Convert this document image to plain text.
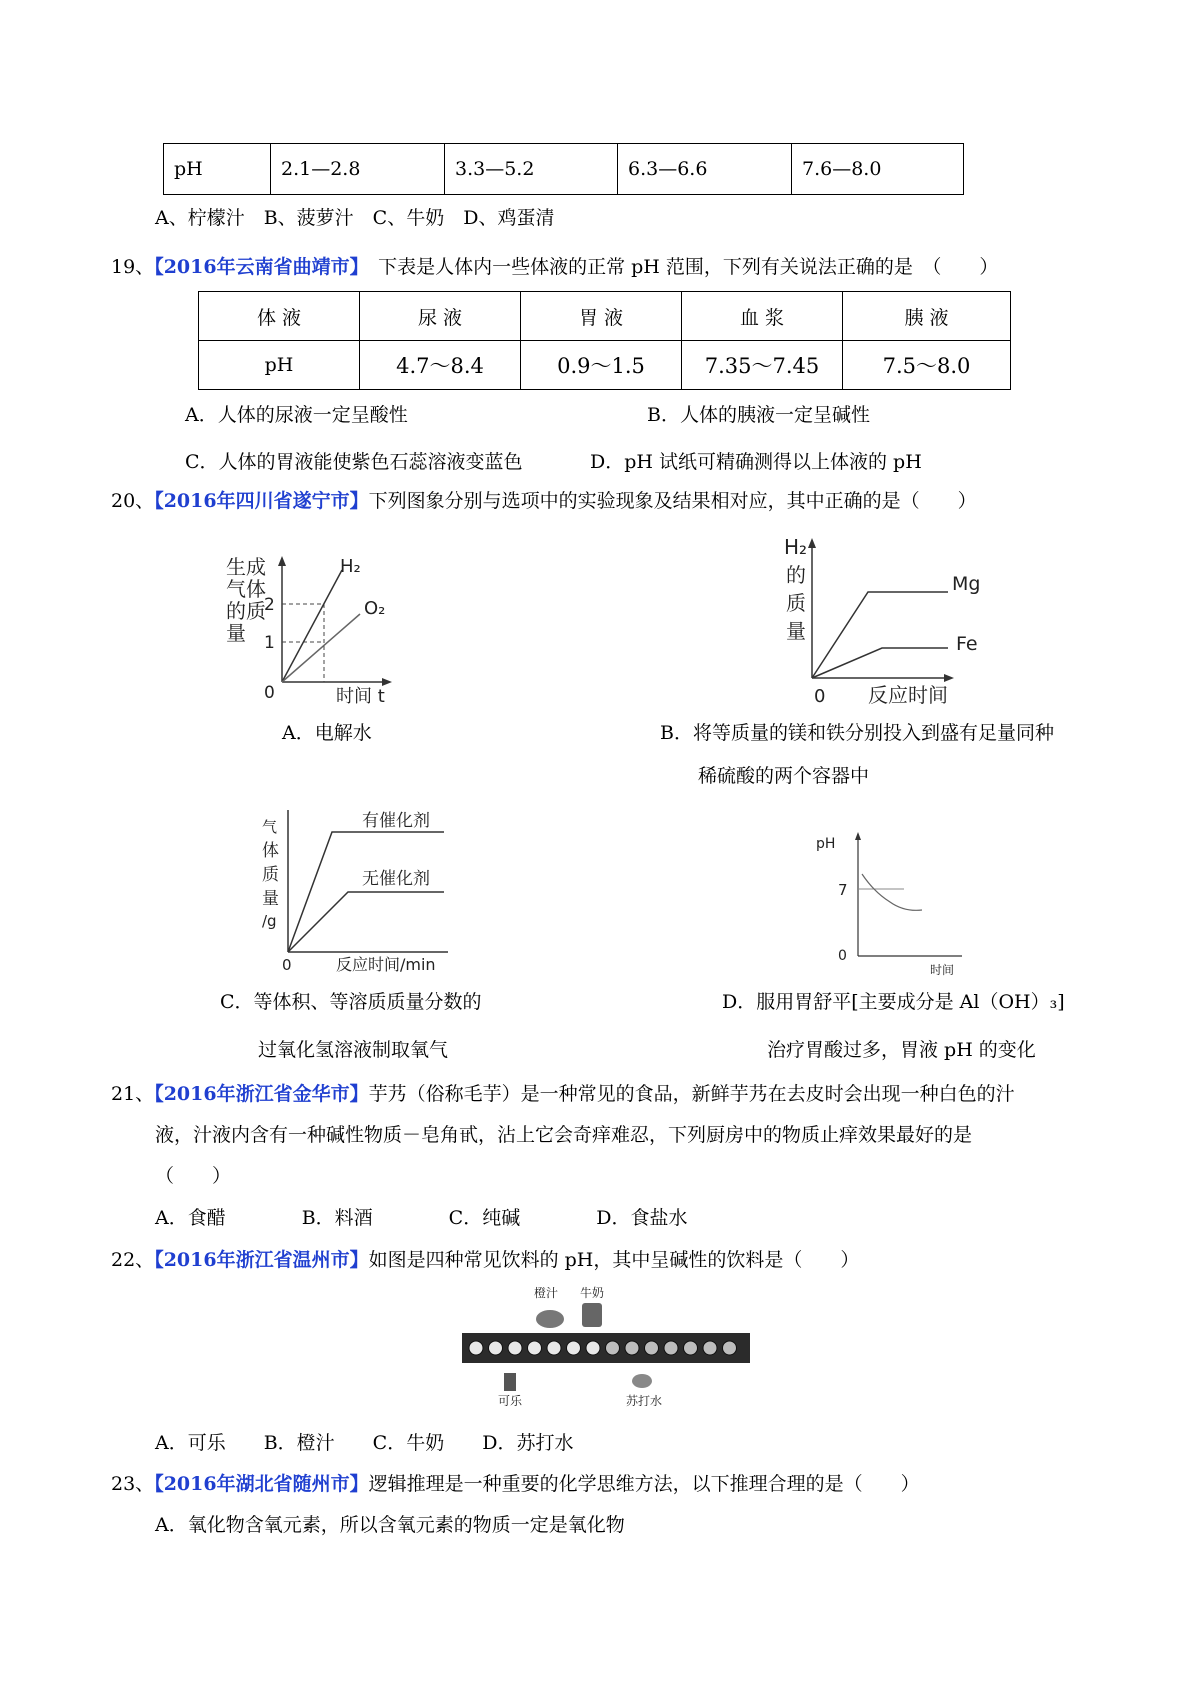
pH	2.1—2.8	3.3—5.2	6.3—6.6	7.6—8.0
A、柠檬汁　B、菠萝汁　C、牛奶　D、鸡蛋清
19、【2016年云南省曲靖市】　下表是人体内一些体液的正常 pH 范围，下列有关说法正确的是　（　　）
体 液	尿 液	胃 液	血 浆	胰 液
pH	4.7～8.4	0.9～1.5	7.35～7.45	7.5～8.0
A．人体的尿液一定呈酸性	B．人体的胰液一定呈碱性
C．人体的胃液能使紫色石蕊溶液变蓝色	D．pH 试纸可精确测得以上体液的 pH
20、【2016年四川省遂宁市】下列图象分别与选项中的实验现象及结果相对应，其中正确的是（　　）
生成
气体
的质
量
H₂
O₂
2
1
0	时间 t
A．电解水
H₂
的
质
量
Mg
Fe
0 反应时间
B．将等质量的镁和铁分别投入到盛有足量同种
稀硫酸的两个容器中
气
体
质
量
/g
有催化剂
无催化剂
0	反应时间/min
C．等体积、等溶质质量分数的
过氧化氢溶液制取氧气
pH
7
0
时间
D．服用胃舒平[主要成分是 Al（OH）₃]
治疗胃酸过多，胃液 pH 的变化
21、【2016年浙江省金华市】芋艿（俗称毛芋）是一种常见的食品，新鲜芋艿在去皮时会出现一种白色的汁
液，汁液内含有一种碱性物质－皂角甙，沾上它会奇痒难忍，下列厨房中的物质止痒效果最好的是
（　　）
A．食醋　　　　B．料酒　　　　C．纯碱　　　　D．食盐水
22、【2016年浙江省温州市】如图是四种常见饮料的 pH，其中呈碱性的饮料是（　　）
橙汁 牛奶
可乐	苏打水
A．可乐　　B．橙汁　　C．牛奶　　D．苏打水
23、【2016年湖北省随州市】逻辑推理是一种重要的化学思维方法，以下推理合理的是（　　）
A．氧化物含氧元素，所以含氧元素的物质一定是氧化物
